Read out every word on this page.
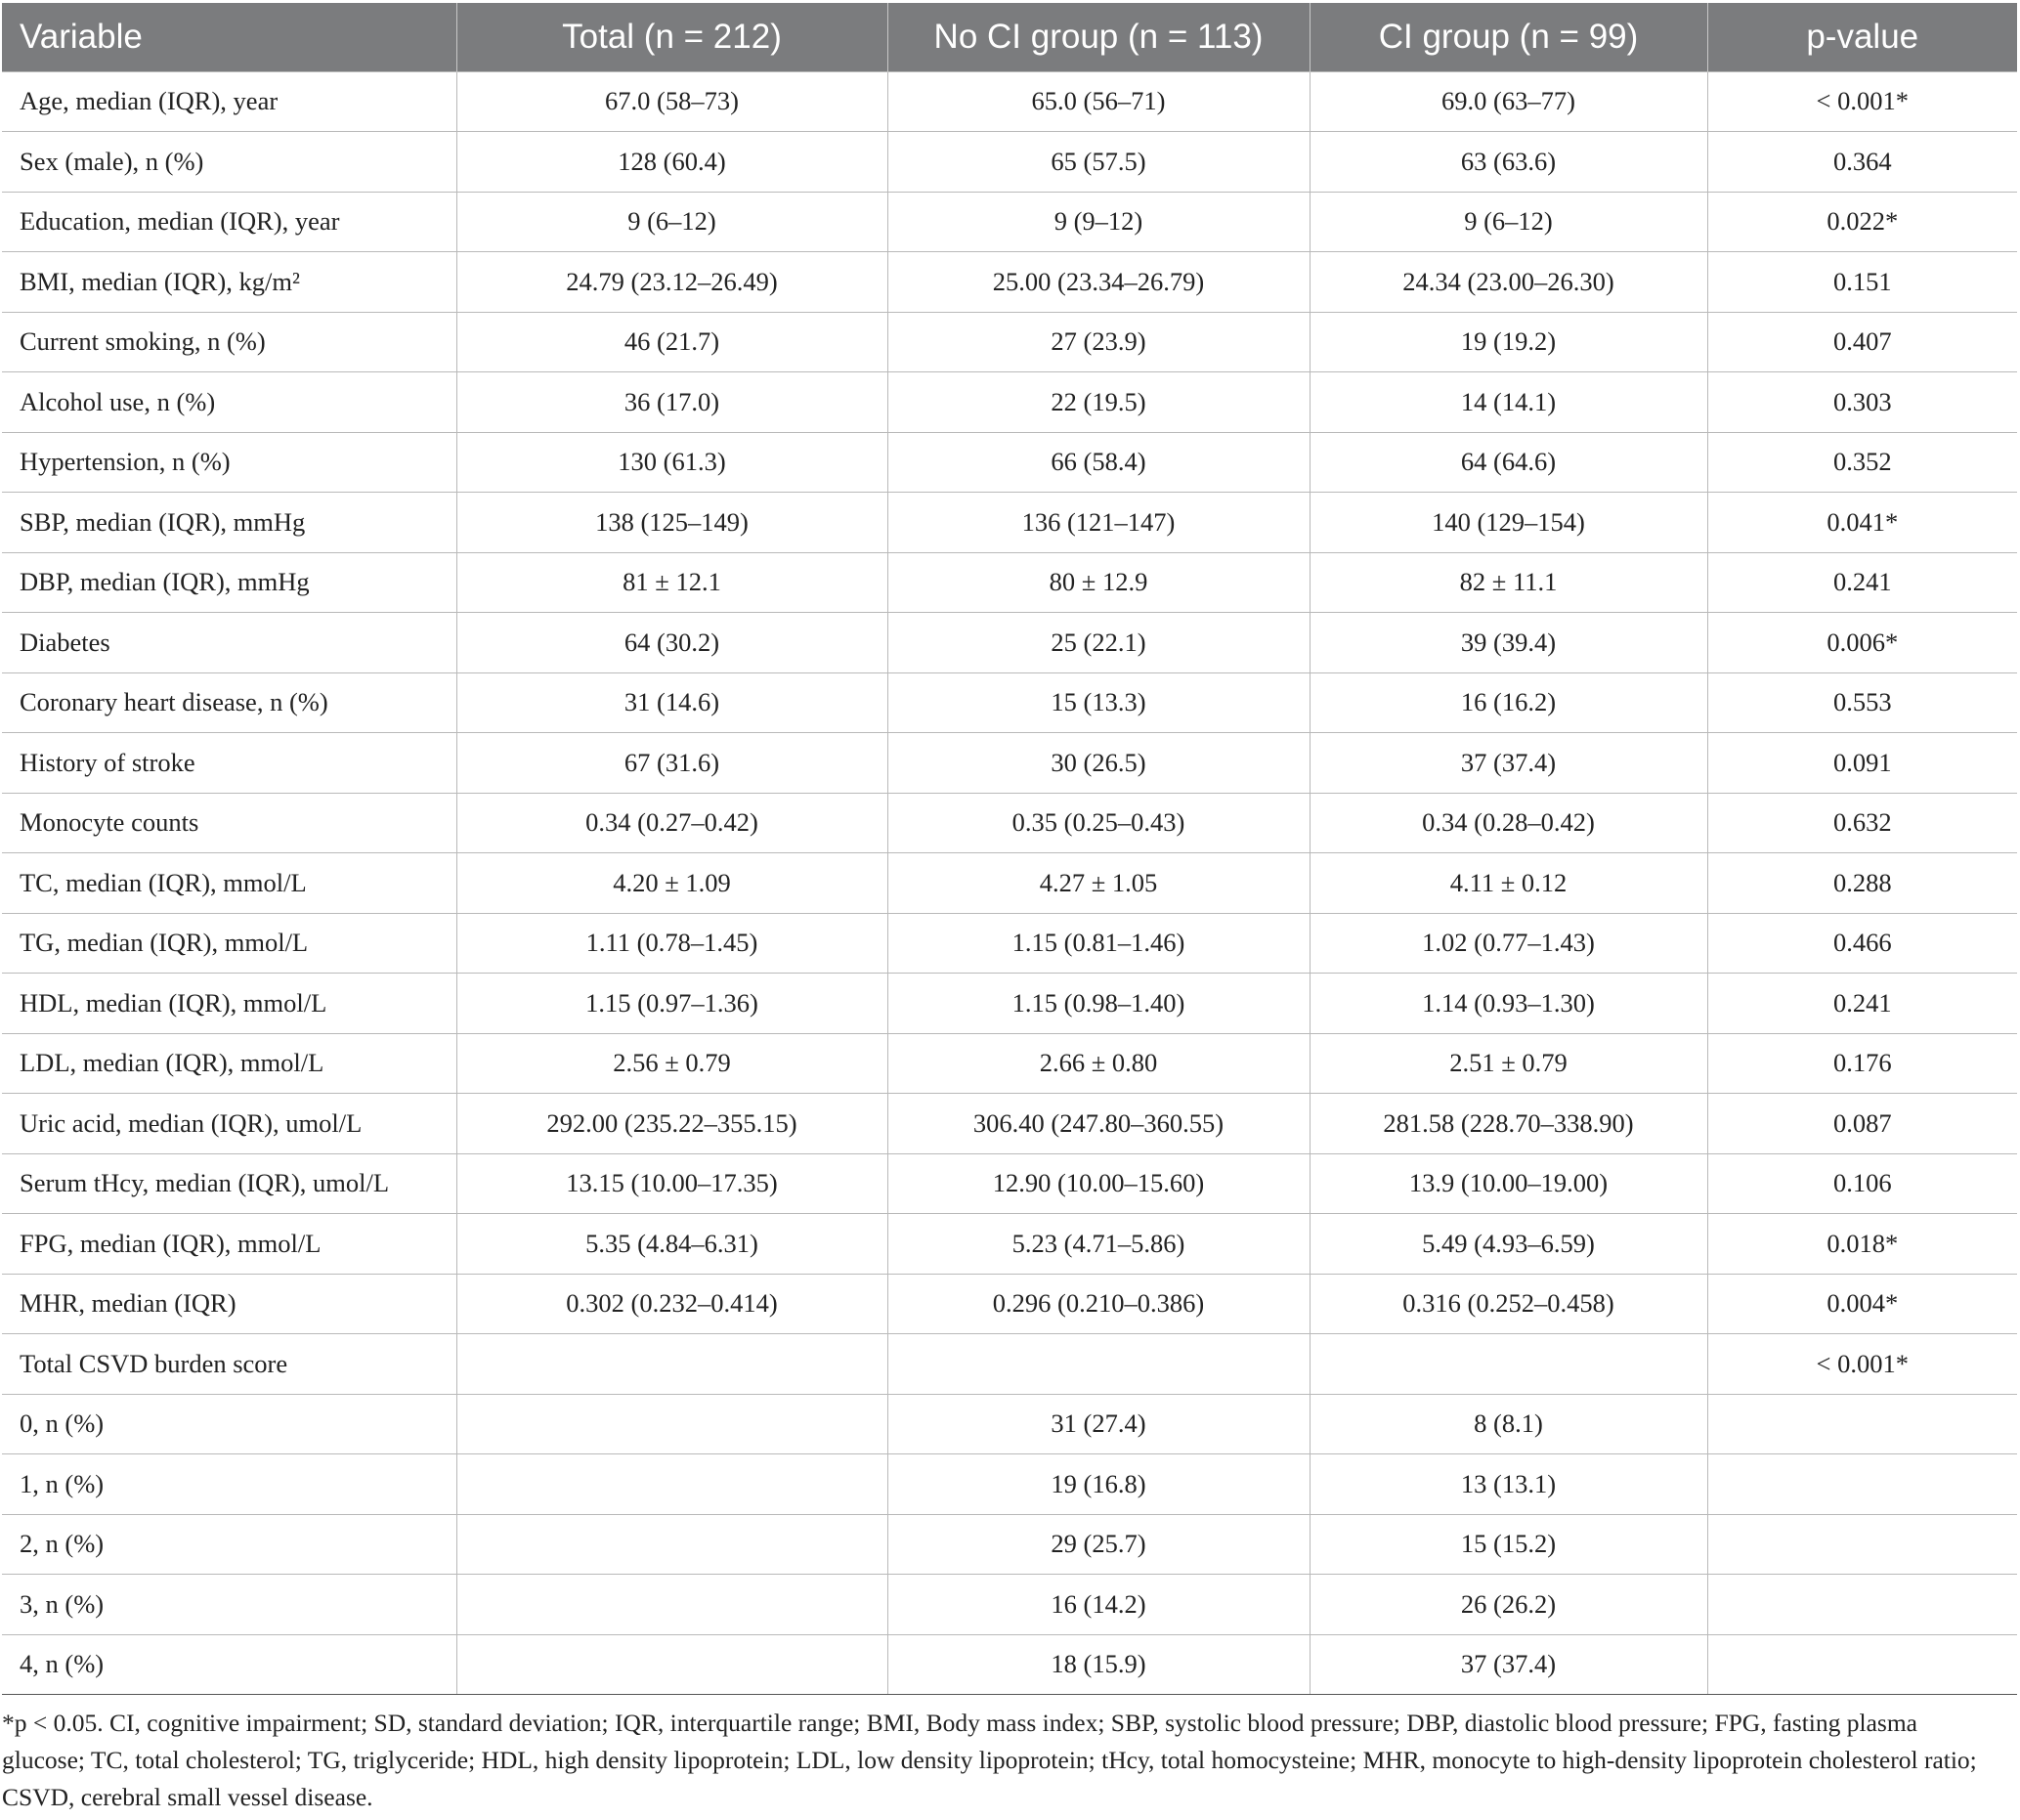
Variable	Total (n = 212)	No CI group (n = 113)	CI group (n = 99)	p-value
Age, median (IQR), year	67.0 (58–73)	65.0 (56–71)	69.0 (63–77)	< 0.001*
Sex (male), n (%)	128 (60.4)	65 (57.5)	63 (63.6)	0.364
Education, median (IQR), year	9 (6–12)	9 (9–12)	9 (6–12)	0.022*
BMI, median (IQR), kg/m²	24.79 (23.12–26.49)	25.00 (23.34–26.79)	24.34 (23.00–26.30)	0.151
Current smoking, n (%)	46 (21.7)	27 (23.9)	19 (19.2)	0.407
Alcohol use, n (%)	36 (17.0)	22 (19.5)	14 (14.1)	0.303
Hypertension, n (%)	130 (61.3)	66 (58.4)	64 (64.6)	0.352
SBP, median (IQR), mmHg	138 (125–149)	136 (121–147)	140 (129–154)	0.041*
DBP, median (IQR), mmHg	81 ± 12.1	80 ± 12.9	82 ± 11.1	0.241
Diabetes	64 (30.2)	25 (22.1)	39 (39.4)	0.006*
Coronary heart disease, n (%)	31 (14.6)	15 (13.3)	16 (16.2)	0.553
History of stroke	67 (31.6)	30 (26.5)	37 (37.4)	0.091
Monocyte counts	0.34 (0.27–0.42)	0.35 (0.25–0.43)	0.34 (0.28–0.42)	0.632
TC, median (IQR), mmol/L	4.20 ± 1.09	4.27 ± 1.05	4.11 ± 0.12	0.288
TG, median (IQR), mmol/L	1.11 (0.78–1.45)	1.15 (0.81–1.46)	1.02 (0.77–1.43)	0.466
HDL, median (IQR), mmol/L	1.15 (0.97–1.36)	1.15 (0.98–1.40)	1.14 (0.93–1.30)	0.241
LDL, median (IQR), mmol/L	2.56 ± 0.79	2.66 ± 0.80	2.51 ± 0.79	0.176
Uric acid, median (IQR), umol/L	292.00 (235.22–355.15)	306.40 (247.80–360.55)	281.58 (228.70–338.90)	0.087
Serum tHcy, median (IQR), umol/L	13.15 (10.00–17.35)	12.90 (10.00–15.60)	13.9 (10.00–19.00)	0.106
FPG, median (IQR), mmol/L	5.35 (4.84–6.31)	5.23 (4.71–5.86)	5.49 (4.93–6.59)	0.018*
MHR, median (IQR)	0.302 (0.232–0.414)	0.296 (0.210–0.386)	0.316 (0.252–0.458)	0.004*
Total CSVD burden score				< 0.001*
0, n (%)		31 (27.4)	8 (8.1)	
1, n (%)		19 (16.8)	13 (13.1)	
2, n (%)		29 (25.7)	15 (15.2)	
3, n (%)		16 (14.2)	26 (26.2)	
4, n (%)		18 (15.9)	37 (37.4)	
*p < 0.05. CI, cognitive impairment; SD, standard deviation; IQR, interquartile range; BMI, Body mass index; SBP, systolic blood pressure; DBP, diastolic blood pressure; FPG, fasting plasma glucose; TC, total cholesterol; TG, triglyceride; HDL, high density lipoprotein; LDL, low density lipoprotein; tHcy, total homocysteine; MHR, monocyte to high-density lipoprotein cholesterol ratio; CSVD, cerebral small vessel disease.
